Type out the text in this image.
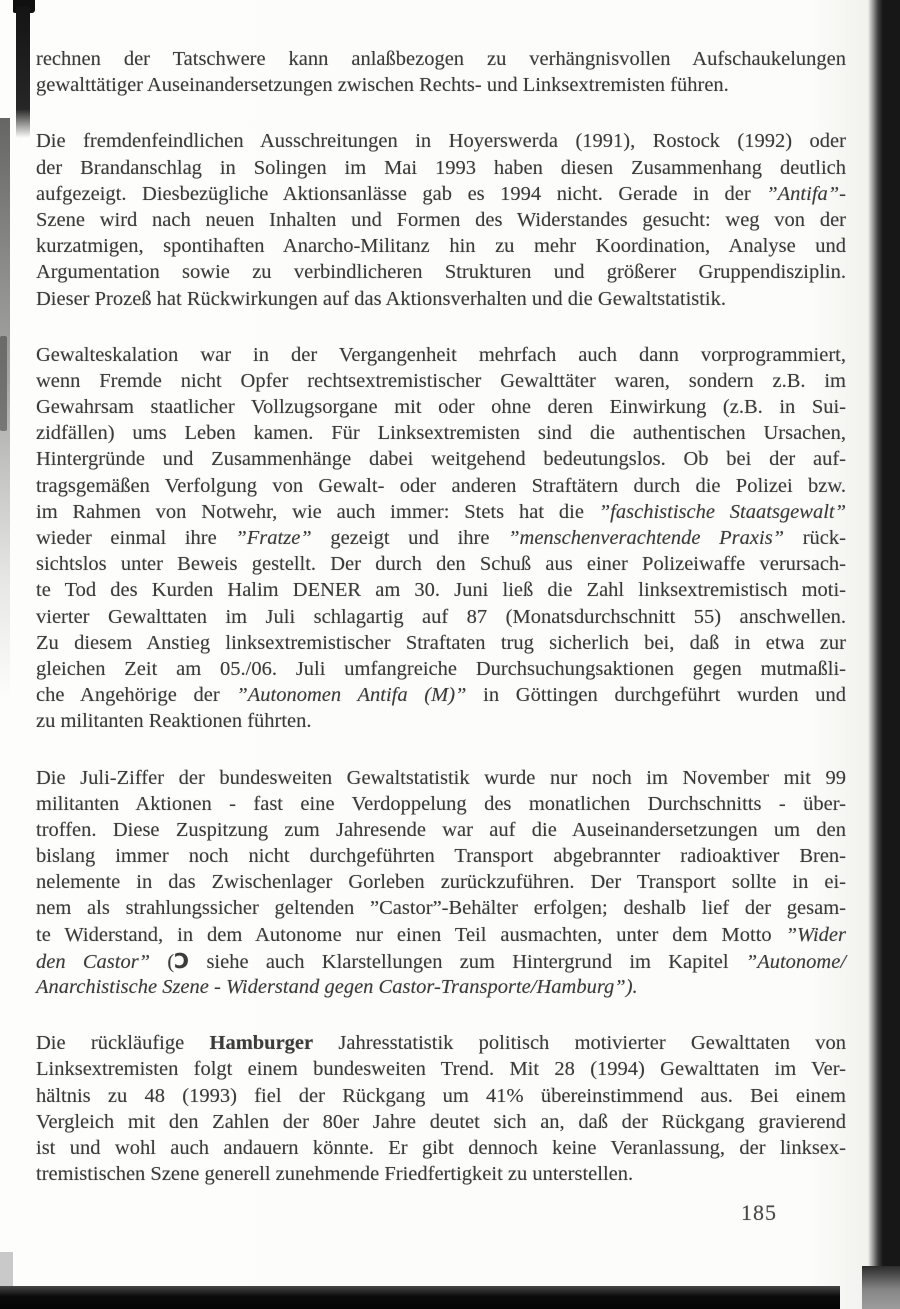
rechnen der Tatschwere kann anlaßbezogen zu verhängnisvollen Aufschaukelungen
gewalttätiger Auseinandersetzungen zwischen Rechts- und Linksextremisten führen.
Die fremdenfeindlichen Ausschreitungen in Hoyerswerda (1991), Rostock (1992) oder
der Brandanschlag in Solingen im Mai 1993 haben diesen Zusammenhang deutlich
aufgezeigt. Diesbezügliche Aktionsanlässe gab es 1994 nicht. Gerade in der ”Antifa”-
Szene wird nach neuen Inhalten und Formen des Widerstandes gesucht: weg von der
kurzatmigen, spontihaften Anarcho-Militanz hin zu mehr Koordination, Analyse und
Argumentation sowie zu verbindlicheren Strukturen und größerer Gruppendisziplin.
Dieser Prozeß hat Rückwirkungen auf das Aktionsverhalten und die Gewaltstatistik.
Gewalteskalation war in der Vergangenheit mehrfach auch dann vorprogrammiert,
wenn Fremde nicht Opfer rechtsextremistischer Gewalttäter waren, sondern z.B. im
Gewahrsam staatlicher Vollzugsorgane mit oder ohne deren Einwirkung (z.B. in Sui-
zidfällen) ums Leben kamen. Für Linksextremisten sind die authentischen Ursachen,
Hintergründe und Zusammenhänge dabei weitgehend bedeutungslos. Ob bei der auf-
tragsgemäßen Verfolgung von Gewalt- oder anderen Straftätern durch die Polizei bzw.
im Rahmen von Notwehr, wie auch immer: Stets hat die ”faschistische Staatsgewalt”
wieder einmal ihre ”Fratze” gezeigt und ihre ”menschenverachtende Praxis” rück-
sichtslos unter Beweis gestellt. Der durch den Schuß aus einer Polizeiwaffe verursach-
te Tod des Kurden Halim DENER am 30. Juni ließ die Zahl linksextremistisch moti-
vierter Gewalttaten im Juli schlagartig auf 87 (Monatsdurchschnitt 55) anschwellen.
Zu diesem Anstieg linksextremistischer Straftaten trug sicherlich bei, daß in etwa zur
gleichen Zeit am 05./06. Juli umfangreiche Durchsuchungsaktionen gegen mutmaßli-
che Angehörige der ”Autonomen Antifa (M)” in Göttingen durchgeführt wurden und
zu militanten Reaktionen führten.
Die Juli-Ziffer der bundesweiten Gewaltstatistik wurde nur noch im November mit 99
militanten Aktionen - fast eine Verdoppelung des monatlichen Durchschnitts - über-
troffen. Diese Zuspitzung zum Jahresende war auf die Auseinandersetzungen um den
bislang immer noch nicht durchgeführten Transport abgebrannter radioaktiver Bren-
nelemente in das Zwischenlager Gorleben zurückzuführen. Der Transport sollte in ei-
nem als strahlungssicher geltenden ”Castor”-Behälter erfolgen; deshalb lief der gesam-
te Widerstand, in dem Autonome nur einen Teil ausmachten, unter dem Motto ”Wider
den Castor” (Ɔ siehe auch Klarstellungen zum Hintergrund im Kapitel ”Autonome/
Anarchistische Szene - Widerstand gegen Castor-Transporte/Hamburg”).
Die rückläufige Hamburger Jahresstatistik politisch motivierter Gewalttaten von
Linksextremisten folgt einem bundesweiten Trend. Mit 28 (1994) Gewalttaten im Ver-
hältnis zu 48 (1993) fiel der Rückgang um 41% übereinstimmend aus. Bei einem
Vergleich mit den Zahlen der 80er Jahre deutet sich an, daß der Rückgang gravierend
ist und wohl auch andauern könnte. Er gibt dennoch keine Veranlassung, der linksex-
tremistischen Szene generell zunehmende Friedfertigkeit zu unterstellen.
185
